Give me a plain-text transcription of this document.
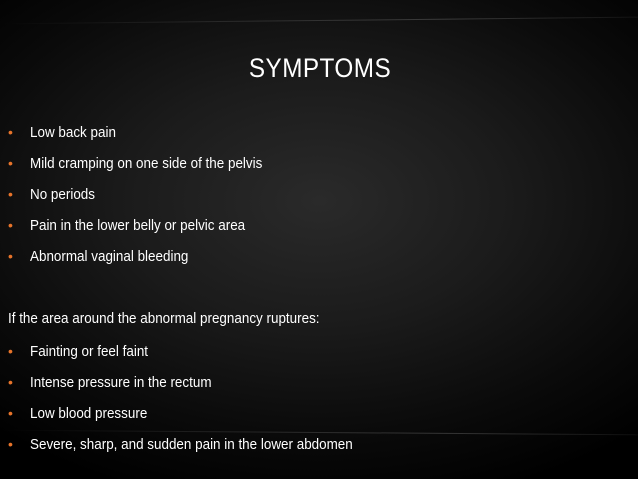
SYMPTOMS
•	Low back pain
•	Mild cramping on one side of the pelvis
•	No periods
•	Pain in the lower belly or pelvic area
•	Abnormal vaginal bleeding
If the area around the abnormal pregnancy ruptures:
•	Fainting or feel faint
•	Intense pressure in the rectum
•	Low blood pressure
•	Severe, sharp, and sudden pain in the lower abdomen
